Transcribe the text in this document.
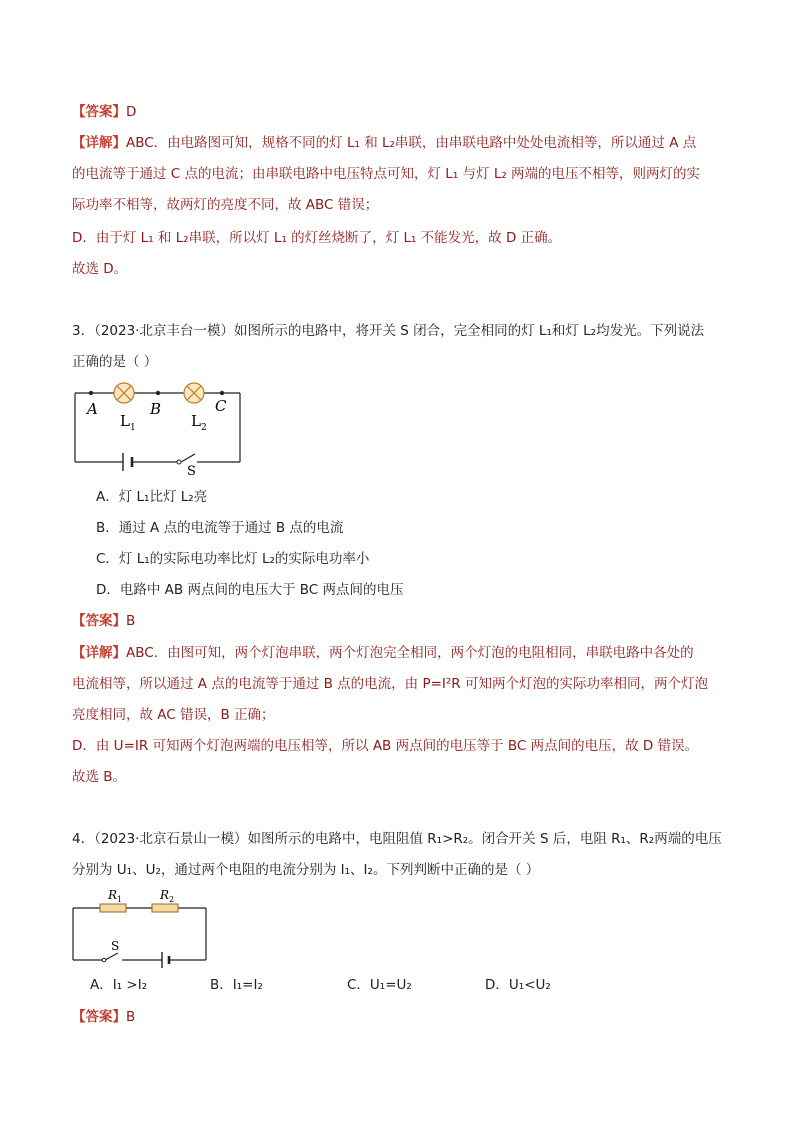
【答案】D
【详解】ABC．由电路图可知，规格不同的灯 L₁ 和 L₂串联，由串联电路中处处电流相等，所以通过 A 点
的电流等于通过 C 点的电流；由串联电路中电压特点可知，灯 L₁ 与灯 L₂ 两端的电压不相等，则两灯的实
际功率不相等，故两灯的亮度不同，故 ABC 错误；
D．由于灯 L₁ 和 L₂串联，所以灯 L₁ 的灯丝烧断了，灯 L₁ 不能发光，故 D 正确。
故选 D。
3．（2023·北京丰台一模）如图所示的电路中，将开关 S 闭合，完全相同的灯 L₁和灯 L₂均发光。下列说法
正确的是（ ）
A	B	C
$L_1$	$L_2$
S
A．灯 L₁比灯 L₂亮
B．通过 A 点的电流等于通过 B 点的电流
C．灯 L₁的实际电功率比灯 L₂的实际电功率小
D．电路中 AB 两点间的电压大于 BC 两点间的电压
【答案】B
【详解】ABC．由图可知，两个灯泡串联，两个灯泡完全相同，两个灯泡的电阻相同，串联电路中各处的
电流相等，所以通过 A 点的电流等于通过 B 点的电流，由 P=I²R 可知两个灯泡的实际功率相同，两个灯泡
亮度相同，故 AC 错误，B 正确；
D．由 U=IR 可知两个灯泡两端的电压相等，所以 AB 两点间的电压等于 BC 两点间的电压，故 D 错误。
故选 B。
4．（2023·北京石景山一模）如图所示的电路中，电阻阻值 R₁>R₂。闭合开关 S 后，电阻 R₁、R₂两端的电压
分别为 U₁、U₂，通过两个电阻的电流分别为 I₁、I₂。下列判断中正确的是（ ）
$R_1$	$R_2$
S
A．I₁ >I₂	B．I₁=I₂	C．U₁=U₂	D．U₁<U₂
【答案】B
